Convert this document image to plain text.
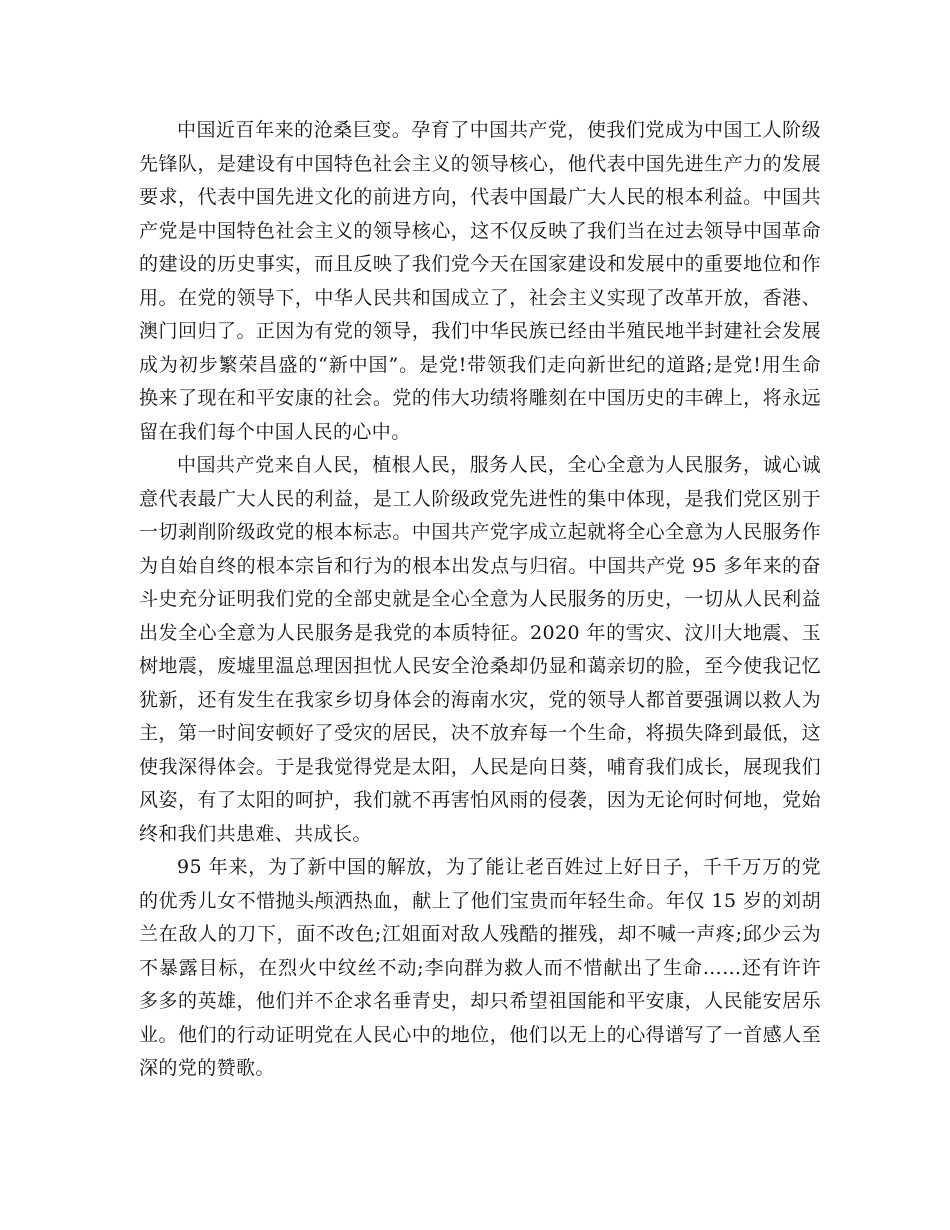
中国近百年来的沧桑巨变。孕育了中国共产党，使我们党成为中国工人阶级先锋队，是建设有中国特色社会主义的领导核心，他代表中国先进生产力的发展要求，代表中国先进文化的前进方向，代表中国最广大人民的根本利益。中国共产党是中国特色社会主义的领导核心，这不仅反映了我们当在过去领导中国革命的建设的历史事实，而且反映了我们党今天在国家建设和发展中的重要地位和作用。在党的领导下，中华人民共和国成立了，社会主义实现了改革开放，香港、澳门回归了。正因为有党的领导，我们中华民族已经由半殖民地半封建社会发展成为初步繁荣昌盛的“新中国”。是党!带领我们走向新世纪的道路;是党!用生命换来了现在和平安康的社会。党的伟大功绩将雕刻在中国历史的丰碑上，将永远留在我们每个中国人民的心中。

中国共产党来自人民，植根人民，服务人民，全心全意为人民服务，诚心诚意代表最广大人民的利益，是工人阶级政党先进性的集中体现，是我们党区别于一切剥削阶级政党的根本标志。中国共产党字成立起就将全心全意为人民服务作为自始自终的根本宗旨和行为的根本出发点与归宿。中国共产党 95 多年来的奋斗史充分证明我们党的全部史就是全心全意为人民服务的历史，一切从人民利益出发全心全意为人民服务是我党的本质特征。2020 年的雪灾、汶川大地震、玉树地震，废墟里温总理因担忧人民安全沧桑却仍显和蔼亲切的脸，至今使我记忆犹新，还有发生在我家乡切身体会的海南水灾，党的领导人都首要强调以救人为主，第一时间安顿好了受灾的居民，决不放弃每一个生命，将损失降到最低，这使我深得体会。于是我觉得党是太阳，人民是向日葵，哺育我们成长，展现我们风姿，有了太阳的呵护，我们就不再害怕风雨的侵袭，因为无论何时何地，党始终和我们共患难、共成长。

95 年来，为了新中国的解放，为了能让老百姓过上好日子，千千万万的党的优秀儿女不惜抛头颅洒热血，献上了他们宝贵而年轻生命。年仅 15 岁的刘胡兰在敌人的刀下，面不改色;江姐面对敌人残酷的摧残，却不喊一声疼;邱少云为不暴露目标，在烈火中纹丝不动;李向群为救人而不惜献出了生命……还有许许多多的英雄，他们并不企求名垂青史，却只希望祖国能和平安康，人民能安居乐业。他们的行动证明党在人民心中的地位，他们以无上的心得谱写了一首感人至深的党的赞歌。
